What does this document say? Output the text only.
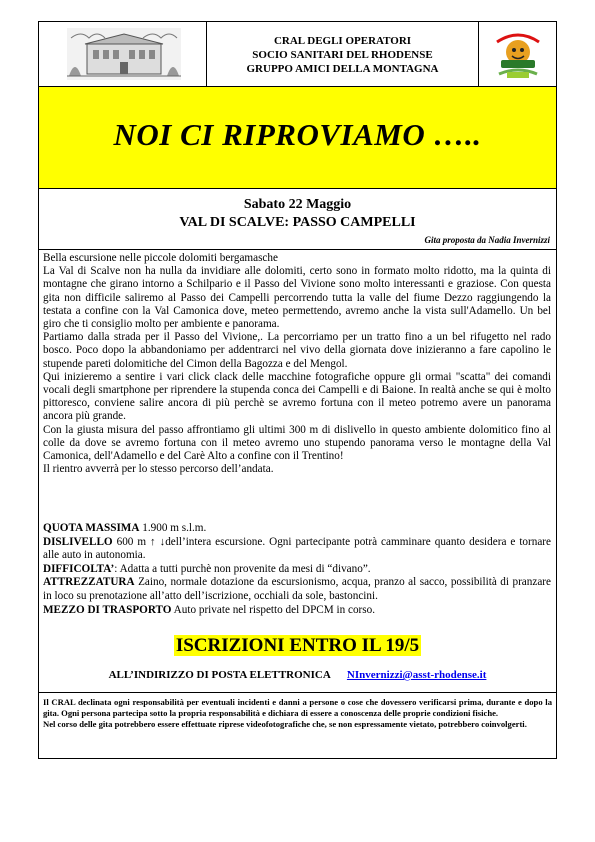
CRAL DEGLI OPERATORI
SOCIO SANITARI DEL RHODENSE
GRUPPO AMICI DELLA MONTAGNA
NOI CI RIPROVIAMO …..
Sabato 22 Maggio
VAL DI SCALVE: PASSO CAMPELLI
Gita proposta da Nadia Invernizzi

Bella escursione nelle piccole dolomiti bergamasche

La Val di Scalve non ha nulla da invidiare alle dolomiti, certo sono in formato molto ridotto, ma la quinta di montagne che girano intorno a Schilpario e il Passo del Vivione sono molto interessanti e graziose. Con questa gita non difficile saliremo al Passo dei Campelli percorrendo tutta la valle del fiume Dezzo raggiungendo la testata a confine con la Val Camonica dove, meteo permettendo, avremo anche la vista sull'Adamello. Un bel giro che ti consiglio molto per ambiente e panorama.

Partiamo dalla strada per il Passo del Vivione,. La percorriamo per un tratto fino a un bel rifugetto nel rado bosco. Poco dopo la abbandoniamo per addentrarci nel vivo della giornata dove inizieranno a fare capolino le stupende pareti dolomitiche del Cimon della Bagozza e del Mengol.

Qui inizieremo a sentire i vari click clack delle macchine fotografiche oppure gli ormai "scatta" dei comandi vocali degli smartphone per riprendere la stupenda conca dei Campelli e di Baione. In realtà anche se qui è molto pittoresco, conviene salire ancora di più perchè se avremo fortuna con il meteo potremo avere un panorama ancora più grande.

Con la giusta misura del passo affrontiamo gli ultimi 300 m di dislivello in questo ambiente dolomitico fino al colle da dove se avremo fortuna con il meteo avremo uno stupendo panorama verso le montagne della Val Camonica, dell'Adamello e del Carè Alto a confine con il Trentino!

Il rientro avverrà per lo stesso percorso dell’andata.

QUOTA MASSIMA 1.900 m s.l.m.

DISLIVELLO 600 m ↑ ↓dell’intera escursione. Ogni partecipante potrà camminare quanto desidera e tornare alle auto in autonomia.

DIFFICOLTA’: Adatta a tutti purchè non provenite da mesi di “divano”.

ATTREZZATURA Zaino, normale dotazione da escursionismo, acqua, pranzo al sacco, possibilità di pranzare in loco su prenotazione all’atto dell’iscrizione, occhiali da sole, bastoncini.

MEZZO DI TRASPORTO Auto private nel rispetto del DPCM in corso.

ISCRIZIONI ENTRO IL 19/5
ALL’INDIRIZZO DI POSTA ELETTRONICA NInvernizzi@asst-rhodense.it

Il CRAL declinata ogni responsabilità per eventuali incidenti e danni a persone o cose che dovessero verificarsi prima, durante e dopo la gita. Ogni persona partecipa sotto la propria responsabilità e dichiara di essere a conoscenza delle proprie condizioni fisiche.

Nel corso delle gita potrebbero essere effettuate riprese videofotografiche che, se non espressamente vietato, potrebbero coinvolgerti.
